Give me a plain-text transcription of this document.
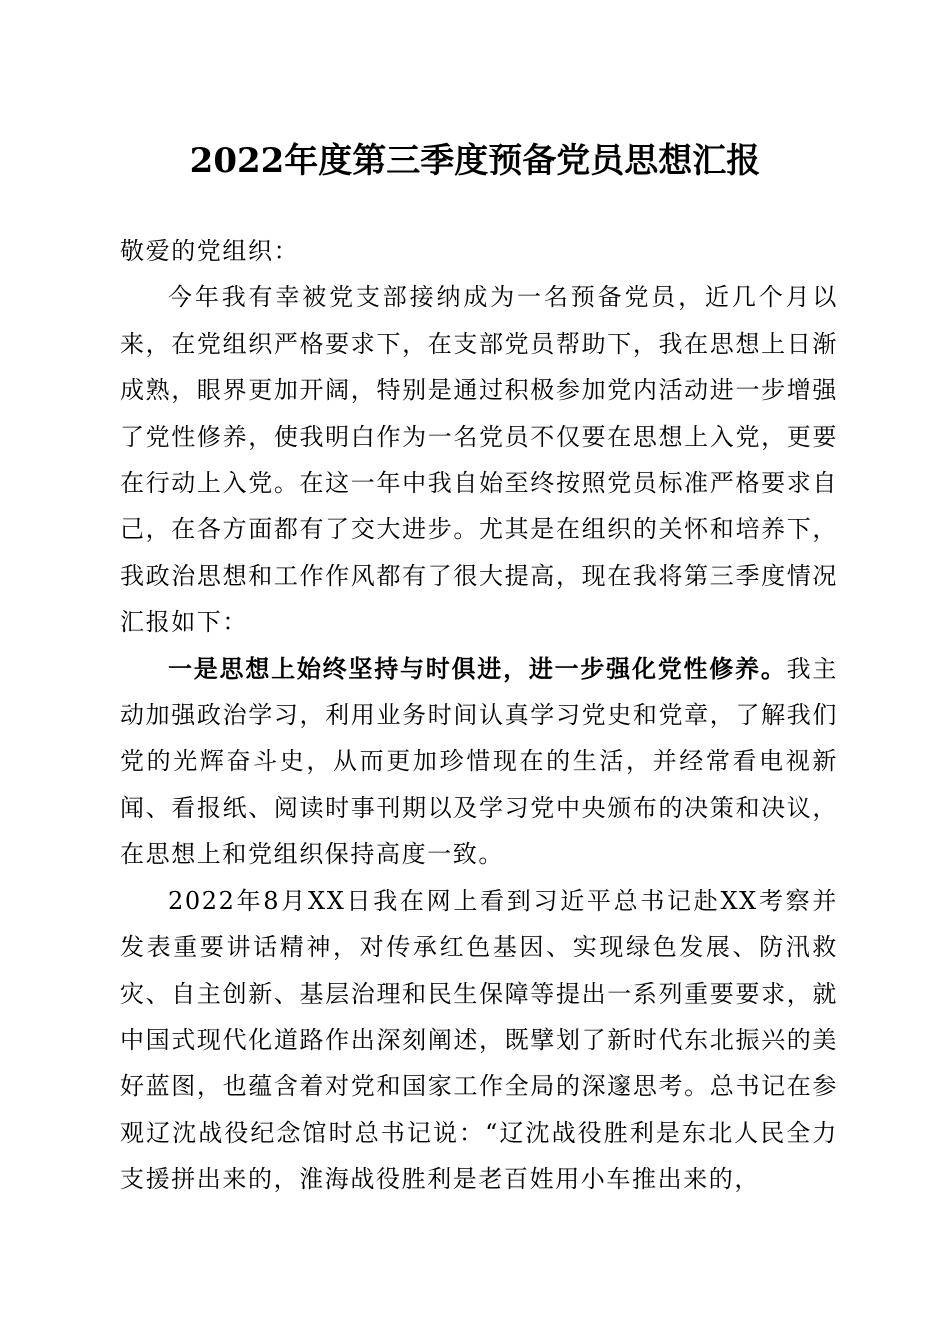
2022年度第三季度预备党员思想汇报

敬爱的党组织：

今年我有幸被党支部接纳成为一名预备党员，近几个月以来，在党组织严格要求下，在支部党员帮助下，我在思想上日渐成熟，眼界更加开阔，特别是通过积极参加党内活动进一步增强了党性修养，使我明白作为一名党员不仅要在思想上入党，更要在行动上入党。在这一年中我自始至终按照党员标准严格要求自己，在各方面都有了交大进步。尤其是在组织的关怀和培养下，我政治思想和工作作风都有了很大提高，现在我将第三季度情况汇报如下：

一是思想上始终坚持与时俱进，进一步强化党性修养。我主动加强政治学习，利用业务时间认真学习党史和党章，了解我们党的光辉奋斗史，从而更加珍惜现在的生活，并经常看电视新闻、看报纸、阅读时事刊期以及学习党中央颁布的决策和决议，在思想上和党组织保持高度一致。

2022年8月XX日我在网上看到习近平总书记赴XX考察并发表重要讲话精神，对传承红色基因、实现绿色发展、防汛救灾、自主创新、基层治理和民生保障等提出一系列重要要求，就中国式现代化道路作出深刻阐述，既擘划了新时代东北振兴的美好蓝图，也蕴含着对党和国家工作全局的深邃思考。总书记在参观辽沈战役纪念馆时总书记说：“辽沈战役胜利是东北人民全力支援拼出来的，淮海战役胜利是老百姓用小车推出来的，
